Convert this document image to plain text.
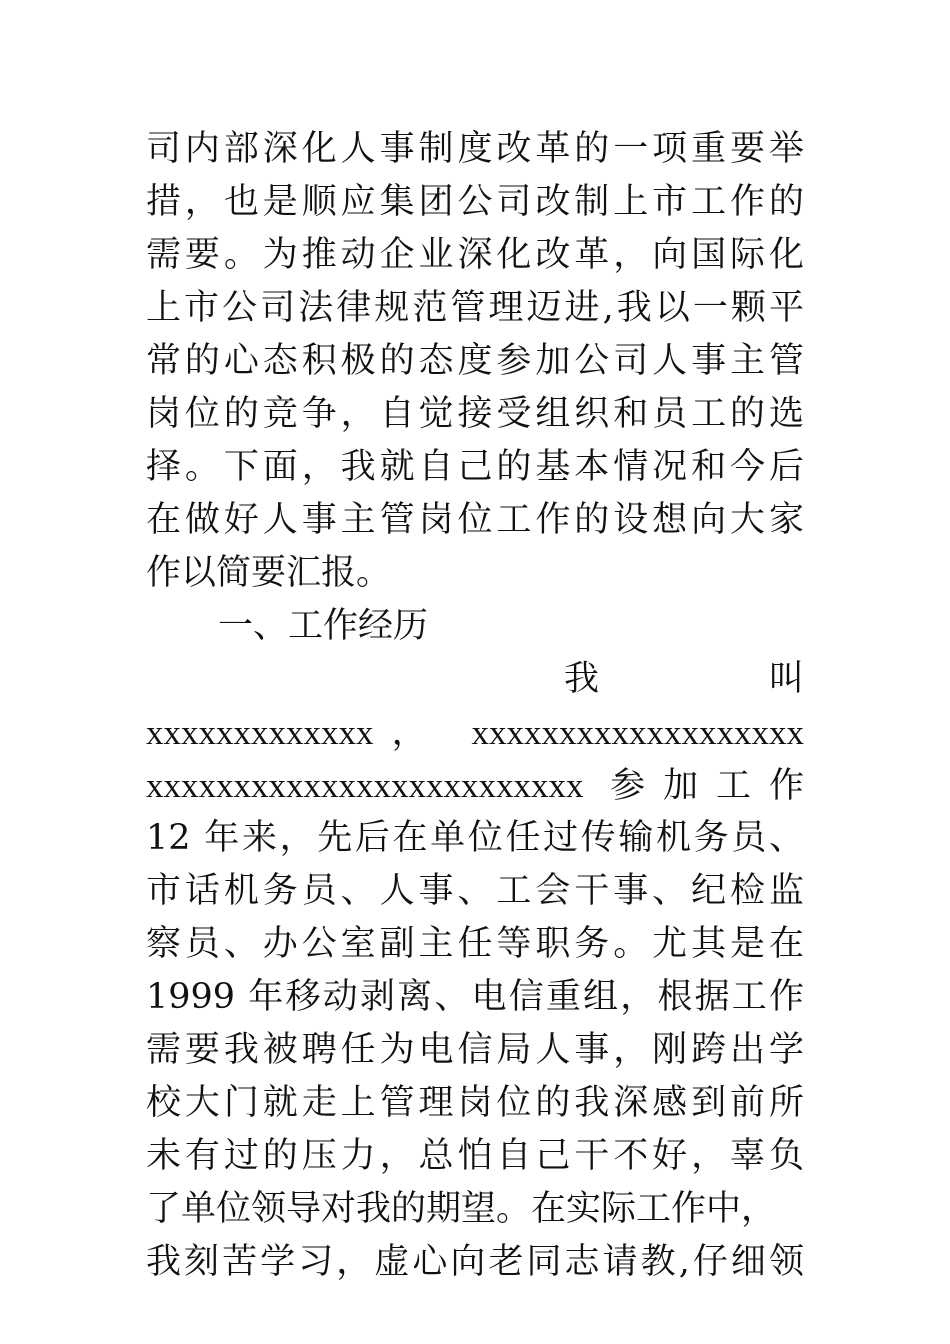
司内部深化人事制度改革的一项重要举
措，也是顺应集团公司改制上市工作的
需要。为推动企业深化改革，向国际化
上市公司法律规范管理迈进,我以一颗平
常的心态积极的态度参加公司人事主管
岗位的竞争，自觉接受组织和员工的选
择。下面，我就自己的基本情况和今后
在做好人事主管岗位工作的设想向大家
作以简要汇报。
一、工作经历
我	叫
xxxxxxxxxxxxx， xxxxxxxxxxxxxxxxxxx
xxxxxxxxxxxxxxxxxxxxxxxxx 参加工作
12 年来，先后在单位任过传输机务员、
市话机务员、人事、工会干事、纪检监
察员、办公室副主任等职务。尤其是在
1999 年移动剥离、电信重组，根据工作
需要我被聘任为电信局人事，刚跨出学
校大门就走上管理岗位的我深感到前所
未有过的压力，总怕自己干不好，辜负
了单位领导对我的期望。在实际工作中，
我刻苦学习，虚心向老同志请教,仔细领
